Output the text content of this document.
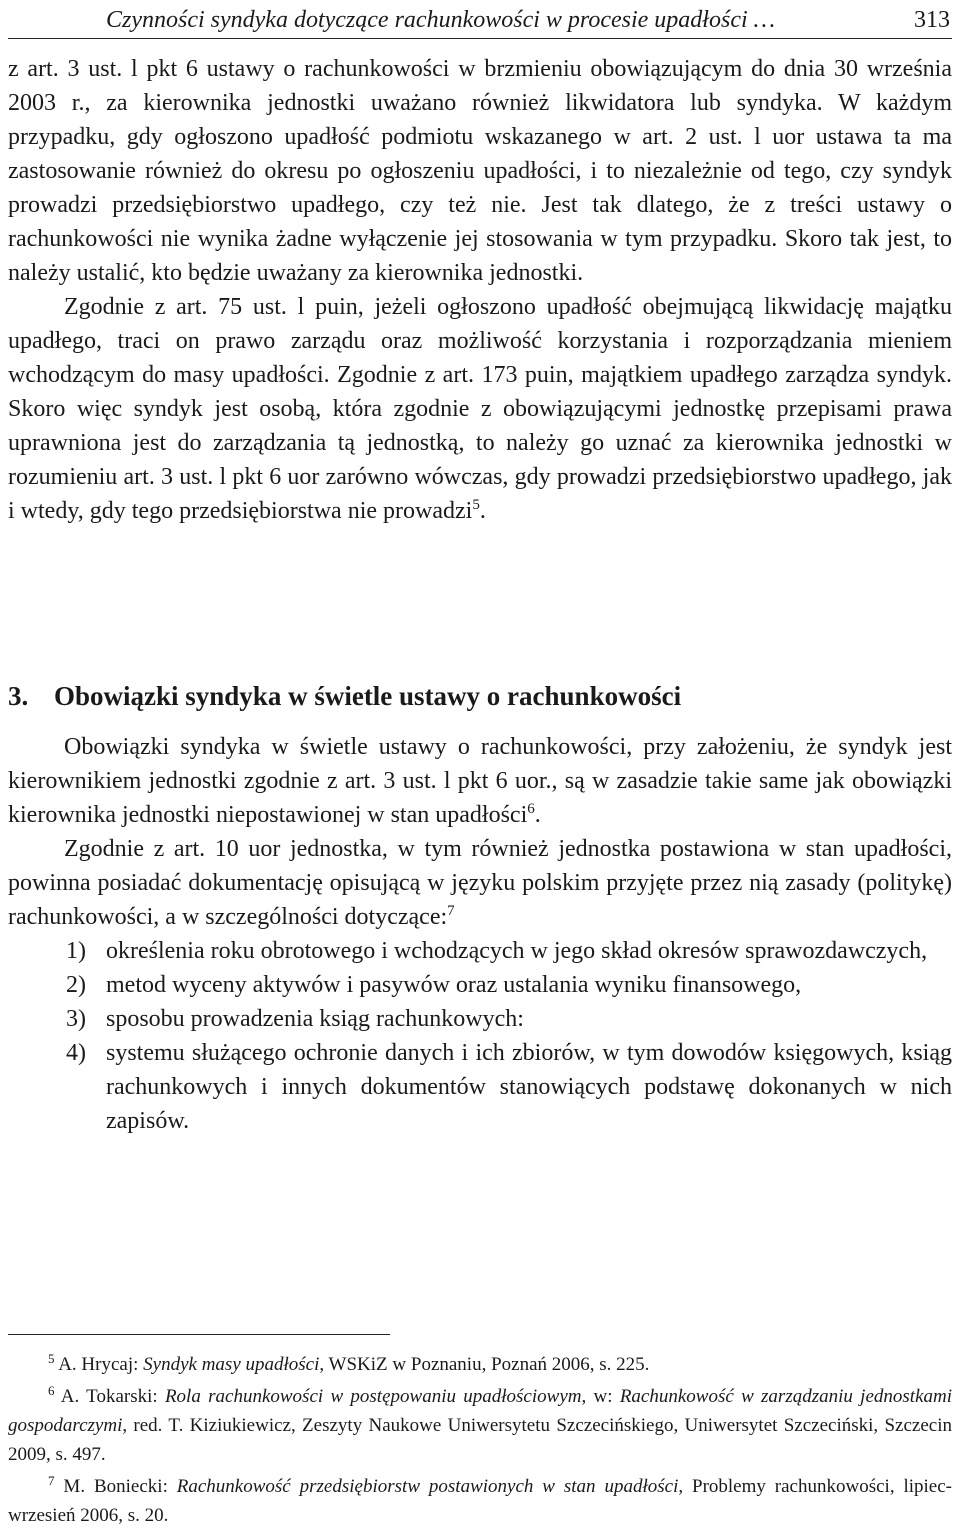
Czynności syndyka dotyczące rachunkowości w procesie upadłości …	313

z art. 3 ust. l pkt 6 ustawy o rachunkowości w brzmieniu obowiązującym do dnia 30 września 2003 r., za kierownika jednostki uważano również likwidatora lub syndyka. W każdym przypadku, gdy ogłoszono upadłość podmiotu wskazanego w art. 2 ust. l uor ustawa ta ma zastosowanie również do okresu po ogłoszeniu upadłości, i to niezależnie od tego, czy syndyk prowadzi przedsiębiorstwo upadłego, czy też nie. Jest tak dlatego, że z treści ustawy o rachunkowości nie wynika żadne wyłączenie jej stosowania w tym przypadku. Skoro tak jest, to należy ustalić, kto będzie uważany za kierownika jednostki.

Zgodnie z art. 75 ust. l puin, jeżeli ogłoszono upadłość obejmującą likwidację majątku upadłego, traci on prawo zarządu oraz możliwość korzystania i rozporządzania mieniem wchodzącym do masy upadłości. Zgodnie z art. 173 puin, majątkiem upadłego zarządza syndyk. Skoro więc syndyk jest osobą, która zgodnie z obowiązującymi jednostkę przepisami prawa uprawniona jest do zarządzania tą jednostką, to należy go uznać za kierownika jednostki w rozumieniu art. 3 ust. l pkt 6 uor zarówno wówczas, gdy prowadzi przedsiębiorstwo upadłego, jak i wtedy, gdy tego przedsiębiorstwa nie prowadzi$^5$.

3. Obowiązki syndyka w świetle ustawy o rachunkowości

Obowiązki syndyka w świetle ustawy o rachunkowości, przy założeniu, że syndyk jest kierownikiem jednostki zgodnie z art. 3 ust. l pkt 6 uor., są w zasadzie takie same jak obowiązki kierownika jednostki niepostawionej w stan upadłości$^6$.

Zgodnie z art. 10 uor jednostka, w tym również jednostka postawiona w stan upadłości, powinna posiadać dokumentację opisującą w języku polskim przyjęte przez nią zasady (politykę) rachunkowości, a w szczególności dotyczące:$^7$

1) określenia roku obrotowego i wchodzących w jego skład okresów sprawozdawczych,
2) metod wyceny aktywów i pasywów oraz ustalania wyniku finansowego,
3) sposobu prowadzenia ksiąg rachunkowych:
4) systemu służącego ochronie danych i ich zbiorów, w tym dowodów księgowych, ksiąg rachunkowych i innych dokumentów stanowiących podstawę dokonanych w nich zapisów.

$^5$ A. Hrycaj: Syndyk masy upadłości, WSKiZ w Poznaniu, Poznań 2006, s. 225.

$^6$ A. Tokarski: Rola rachunkowości w postępowaniu upadłościowym, w: Rachunkowość w zarządzaniu jednostkami gospodarczymi, red. T. Kiziukiewicz, Zeszyty Naukowe Uniwersytetu Szczecińskiego, Uniwersytet Szczeciński, Szczecin 2009, s. 497.

$^7$ M. Boniecki: Rachunkowość przedsiębiorstw postawionych w stan upadłości, Problemy rachunkowości, lipiec-wrzesień 2006, s. 20.
